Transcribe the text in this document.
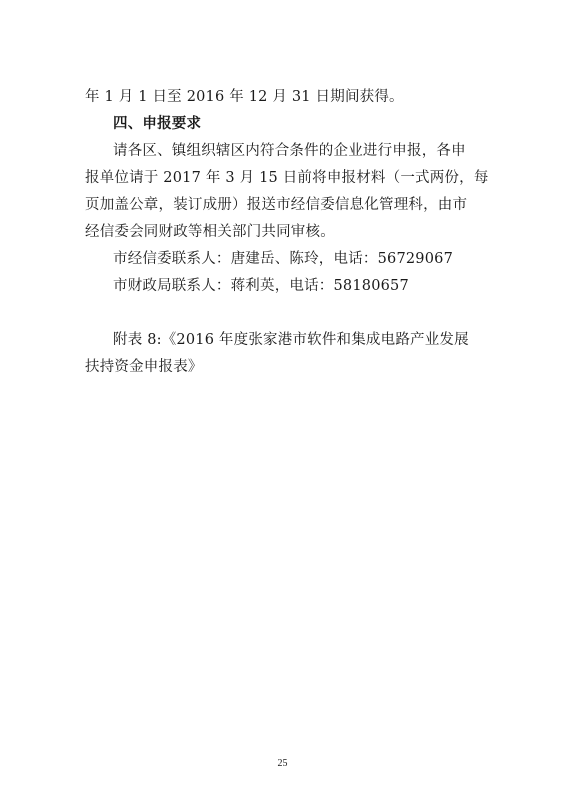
年 1 月 1 日至 2016 年 12 月 31 日期间获得。
四、申报要求
请各区、镇组织辖区内符合条件的企业进行申报，各申
报单位请于 2017 年 3 月 15 日前将申报材料（一式两份，每
页加盖公章，装订成册）报送市经信委信息化管理科，由市
经信委会同财政等相关部门共同审核。
市经信委联系人：唐建岳、陈玲，电话：56729067
市财政局联系人：蒋利英，电话：58180657
附表 8:《2016 年度张家港市软件和集成电路产业发展
扶持资金申报表》
25
